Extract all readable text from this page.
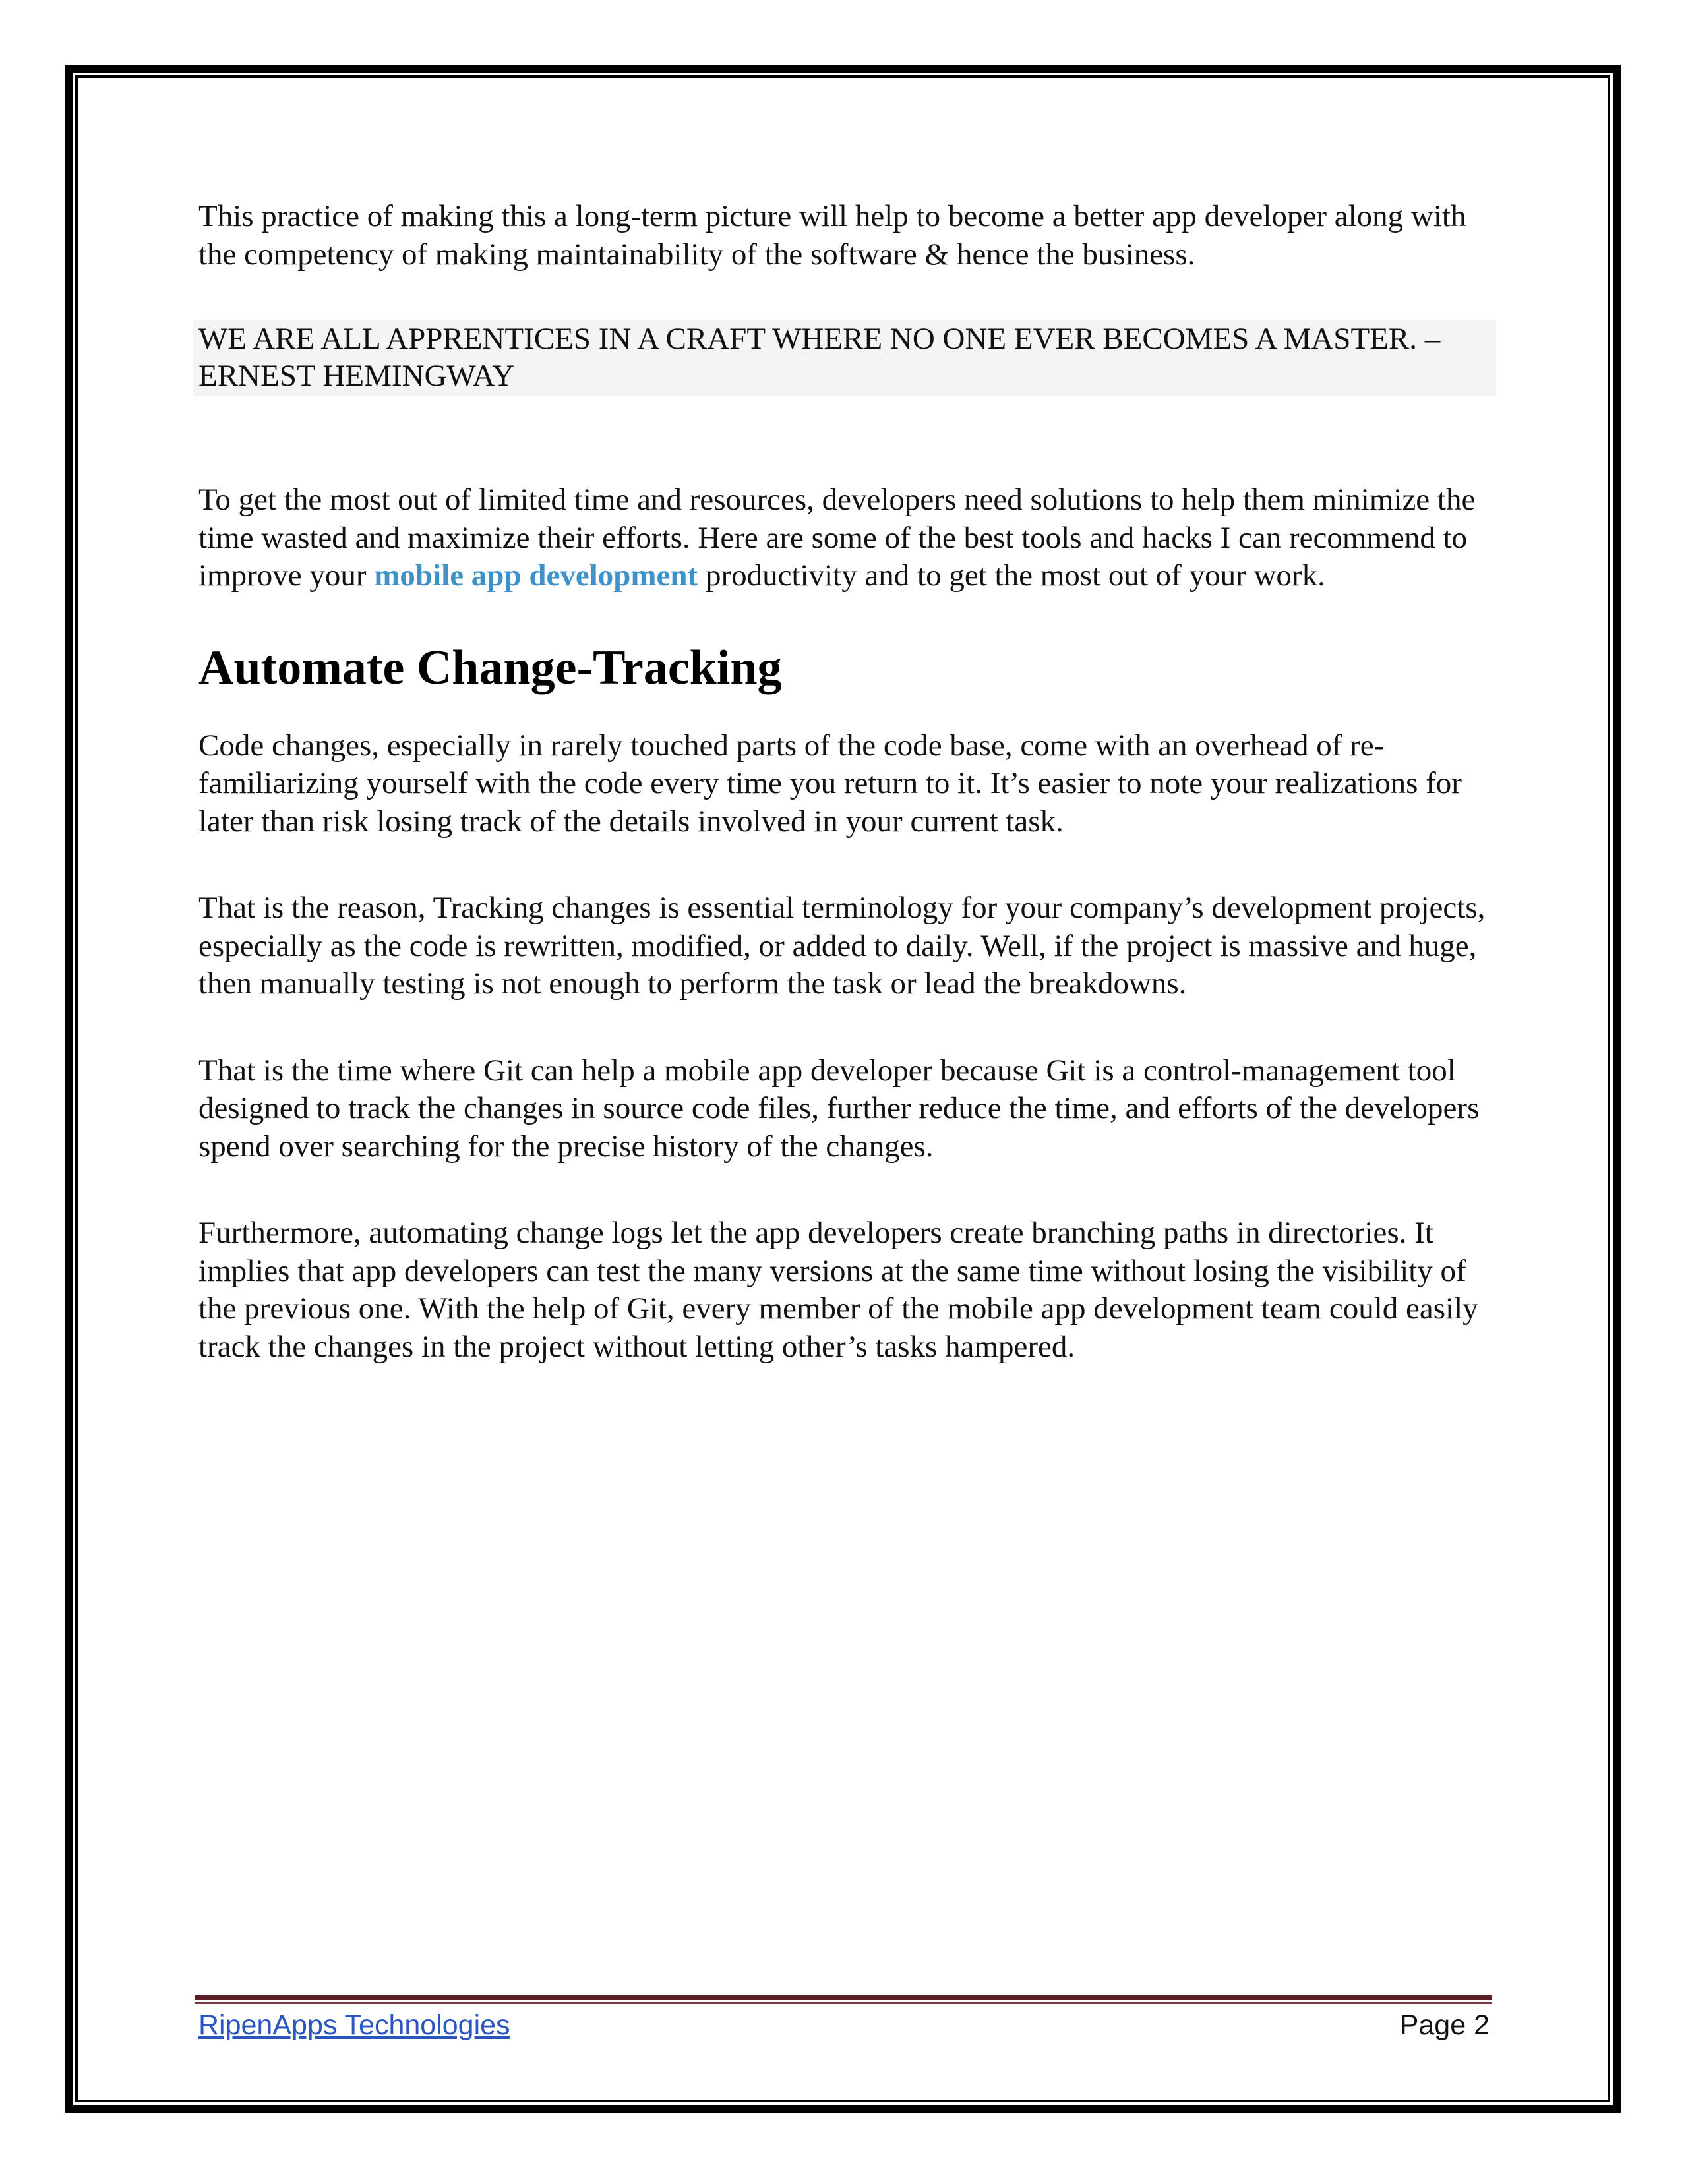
This practice of making this a long-term picture will help to become a better app developer along with the competency of making maintainability of the software & hence the business.

WE ARE ALL APPRENTICES IN A CRAFT WHERE NO ONE EVER BECOMES A MASTER. – ERNEST HEMINGWAY

To get the most out of limited time and resources, developers need solutions to help them minimize the time wasted and maximize their efforts. Here are some of the best tools and hacks I can recommend to improve your mobile app development productivity and to get the most out of your work.

Automate Change-Tracking

Code changes, especially in rarely touched parts of the code base, come with an overhead of re-familiarizing yourself with the code every time you return to it. It’s easier to note your realizations for later than risk losing track of the details involved in your current task.

That is the reason, Tracking changes is essential terminology for your company’s development projects, especially as the code is rewritten, modified, or added to daily. Well, if the project is massive and huge, then manually testing is not enough to perform the task or lead the breakdowns.

That is the time where Git can help a mobile app developer because Git is a control-management tool designed to track the changes in source code files, further reduce the time, and efforts of the developers spend over searching for the precise history of the changes.

Furthermore, automating change logs let the app developers create branching paths in directories. It implies that app developers can test the many versions at the same time without losing the visibility of the previous one. With the help of Git, every member of the mobile app development team could easily track the changes in the project without letting other’s tasks hampered.

RipenApps Technologies	Page 2
